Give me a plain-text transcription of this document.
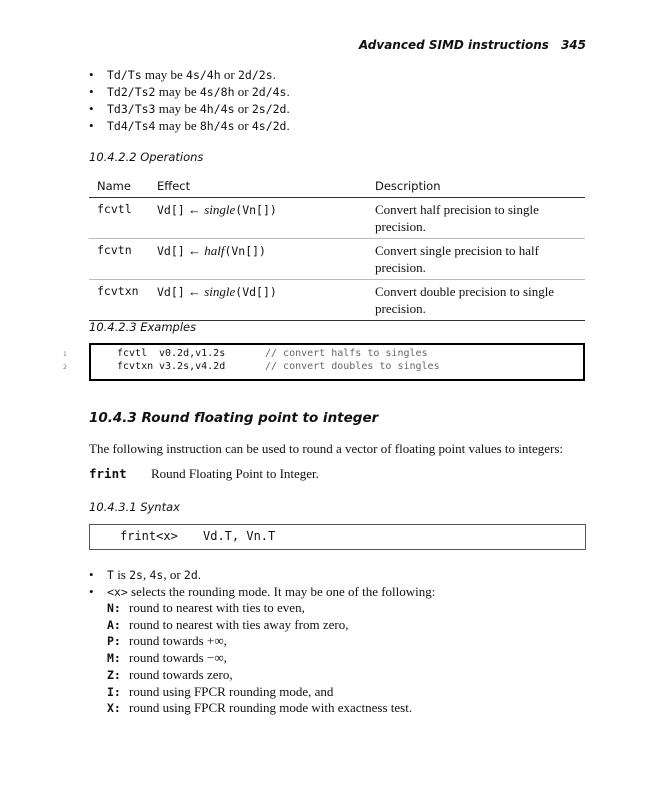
Advanced SIMD instructions 345
• Td/Ts may be 4s/4h or 2d/2s.
• Td2/Ts2 may be 4s/8h or 2d/4s.
• Td3/Ts3 may be 4h/4s or 2s/2d.
• Td4/Ts4 may be 8h/4s or 4s/2d.
10.4.2.2 Operations
Name	Effect	Description
fcvtl	Vd[] ← single(Vn[])	Convert half precision to single precision.
fcvtn	Vd[] ← half(Vn[])	Convert single precision to half precision.
fcvtxn	Vd[] ← single(Vd[])	Convert double precision to single precision.
10.4.2.3 Examples
1
2
fcvtl v0.2d,v1.2s	// convert halfs to singles
fcvtxn v3.2s,v4.2d	// convert doubles to singles
10.4.3 Round floating point to integer
The following instruction can be used to round a vector of floating point values to integers:
frint Round Floating Point to Integer.
10.4.3.1 Syntax
frint<x> Vd.T, Vn.T
• T is 2s, 4s, or 2d.
• <x> selects the rounding mode. It may be one of the following:
N: round to nearest with ties to even,
A: round to nearest with ties away from zero,
P: round towards +∞,
M: round towards −∞,
Z: round towards zero,
I: round using FPCR rounding mode, and
X: round using FPCR rounding mode with exactness test.
